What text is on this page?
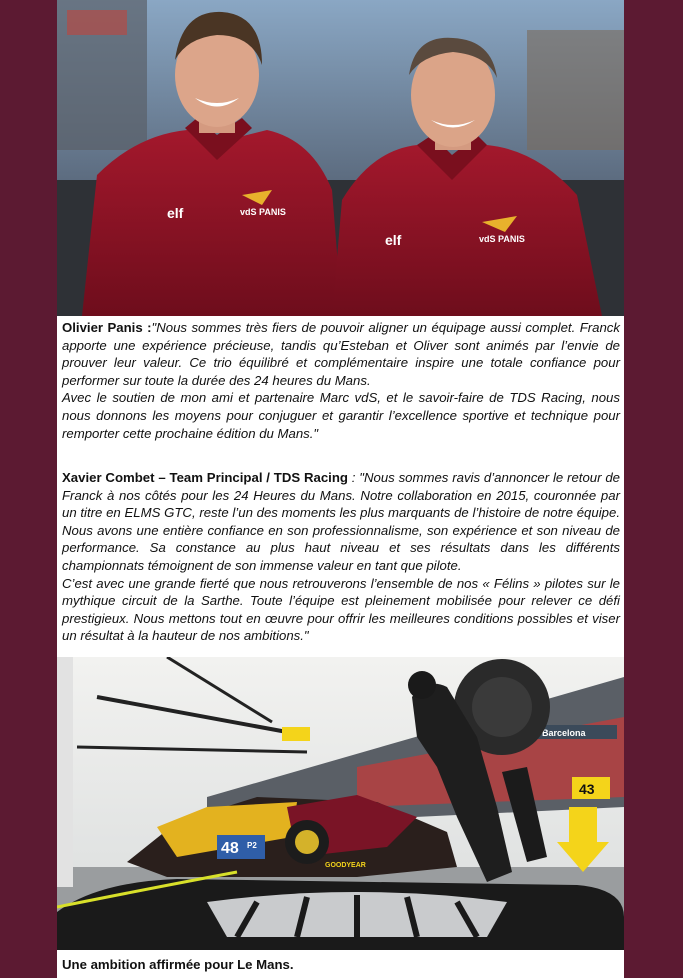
elf	vdS PANIS
elf	vdS PANIS

Olivier Panis :"Nous sommes très fiers de pouvoir aligner un équipage aussi complet. Franck apporte une expérience précieuse, tandis qu’Esteban et Oliver sont animés par l’envie de prouver leur valeur. Ce trio équilibré et complémentaire inspire une totale confiance pour performer sur toute la durée des 24 heures du Mans.

Avec le soutien de mon ami et partenaire Marc vdS, et le savoir-faire de TDS Racing, nous nous donnons les moyens pour conjuguer et garantir l’excellence sportive et technique pour remporter cette prochaine édition du Mans."

Xavier Combet – Team Principal / TDS Racing : "Nous sommes ravis d’annoncer le retour de Franck à nos côtés pour les 24 Heures du Mans. Notre collaboration en 2015, couronnée par un titre en ELMS GTC, reste l’un des moments les plus marquants de l’histoire de notre équipe. Nous avons une entière confiance en son professionnalisme, son expérience et son niveau de performance. Sa constance au plus haut niveau et ses résultats dans les différents championnats témoignent de son immense valeur en tant que pilote.

C’est avec une grande fierté que nous retrouverons l’ensemble de nos « Félins » pilotes sur le mythique circuit de la Sarthe. Toute l’équipe est pleinement mobilisée pour relever ce défi prestigieux. Nous mettons tout en œuvre pour offrir les meilleures conditions possibles et viser un résultat à la hauteur de nos ambitions."

Barcelona
48 P2
GOODYEAR
43
Une ambition affirmée pour Le Mans.
